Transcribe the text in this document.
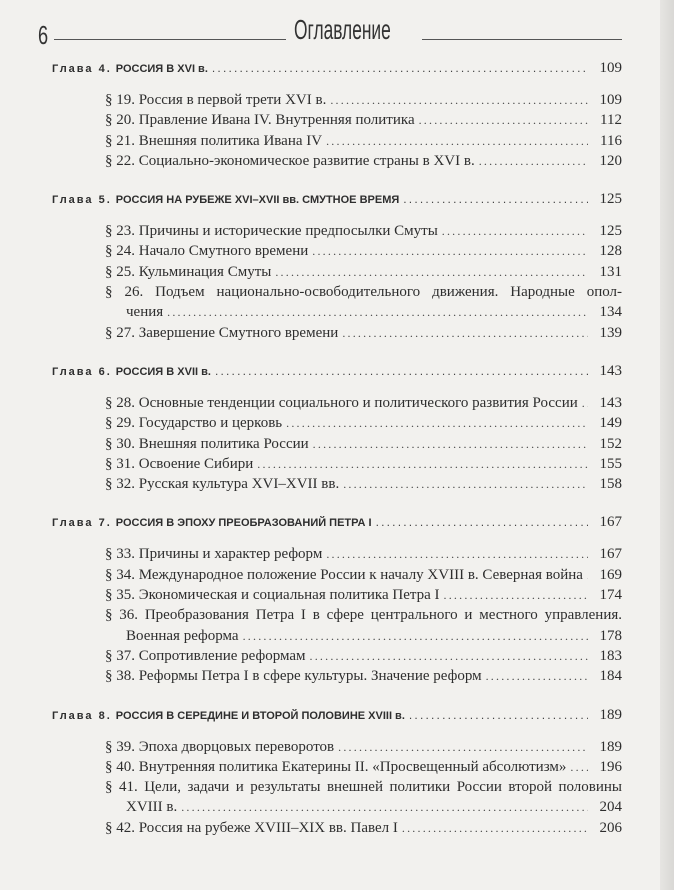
6	Оглавление
Глава 4. РОССИЯ В XVI в. .....	109
§ 19. Россия в первой трети XVI в. .....	109
§ 20. Правление Ивана IV. Внутренняя политика .....	112
§ 21. Внешняя политика Ивана IV .....	116
§ 22. Социально-экономическое развитие страны в XVI в. .....	120
Глава 5. РОССИЯ НА РУБЕЖЕ XVI–XVII вв. СМУТНОЕ ВРЕМЯ .....	125
§ 23. Причины и исторические предпосылки Смуты .....	125
§ 24. Начало Смутного времени .....	128
§ 25. Кульминация Смуты .....	131
§ 26. Подъем национально-освободительного движения. Народные опол-
чения .....	134
§ 27. Завершение Смутного времени .....	139
Глава 6. РОССИЯ В XVII в. .....	143
§ 28. Основные тенденции социального и политического развития России .....	143
§ 29. Государство и церковь .....	149
§ 30. Внешняя политика России .....	152
§ 31. Освоение Сибири .....	155
§ 32. Русская культура XVI–XVII вв. .....	158
Глава 7. РОССИЯ В ЭПОХУ ПРЕОБРАЗОВАНИЙ ПЕТРА I .....	167
§ 33. Причины и характер реформ .....	167
§ 34. Международное положение России к началу XVIII в. Северная война .....	169
§ 35. Экономическая и социальная политика Петра I .....	174
§ 36. Преобразования Петра I в сфере центрального и местного управления.
Военная реформа .....	178
§ 37. Сопротивление реформам .....	183
§ 38. Реформы Петра I в сфере культуры. Значение реформ .....	184
Глава 8. РОССИЯ В СЕРЕДИНЕ И ВТОРОЙ ПОЛОВИНЕ XVIII в. .....	189
§ 39. Эпоха дворцовых переворотов .....	189
§ 40. Внутренняя политика Екатерины II. «Просвещенный абсолютизм» .....	196
§ 41. Цели, задачи и результаты внешней политики России второй половины
XVIII в. .....	204
§ 42. Россия на рубеже XVIII–XIX вв. Павел I .....	206
